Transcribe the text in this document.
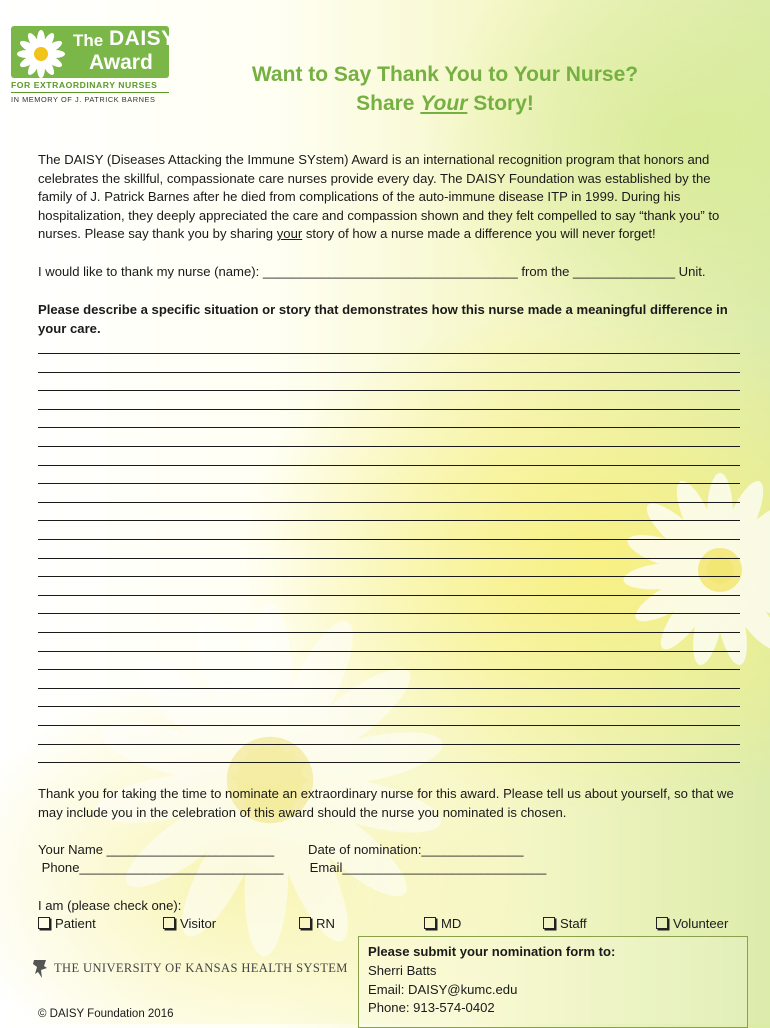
The DAISY
Award
FOR EXTRAORDINARY NURSES
IN MEMORY OF J. PATRICK BARNES
Want to Say Thank You to Your Nurse?
Share Your Story!
The DAISY (Diseases Attacking the Immune SYstem) Award is an international recognition program that honors and celebrates the skillful, compassionate care nurses provide every day. The DAISY Foundation was established by the family of J. Patrick Barnes after he died from complications of the auto-immune disease ITP in 1999. During his hospitalization, they deeply appreciated the care and compassion shown and they felt compelled to say “thank you” to nurses. Please say thank you by sharing your story of how a nurse made a difference you will never forget!
I would like to thank my nurse (name): ___________________________________ from the ______________ Unit.
Please describe a specific situation or story that demonstrates how this nurse made a meaningful difference in your care.
Thank you for taking the time to nominate an extraordinary nurse for this award. Please tell us about yourself, so that we may include you in the celebration of this award should the nurse you nominated is chosen.
Your Name _______________________	Date of nomination:______________
Phone____________________________ Email____________________________
I am (please check one):
Patient	Visitor	RN	MD	Staff	Volunteer
THE UNIVERSITY OF KANSAS HEALTH SYSTEM
© DAISY Foundation 2016
Please submit your nomination form to:
Sherri Batts
Email: DAISY@kumc.edu
Phone: 913-574-0402
